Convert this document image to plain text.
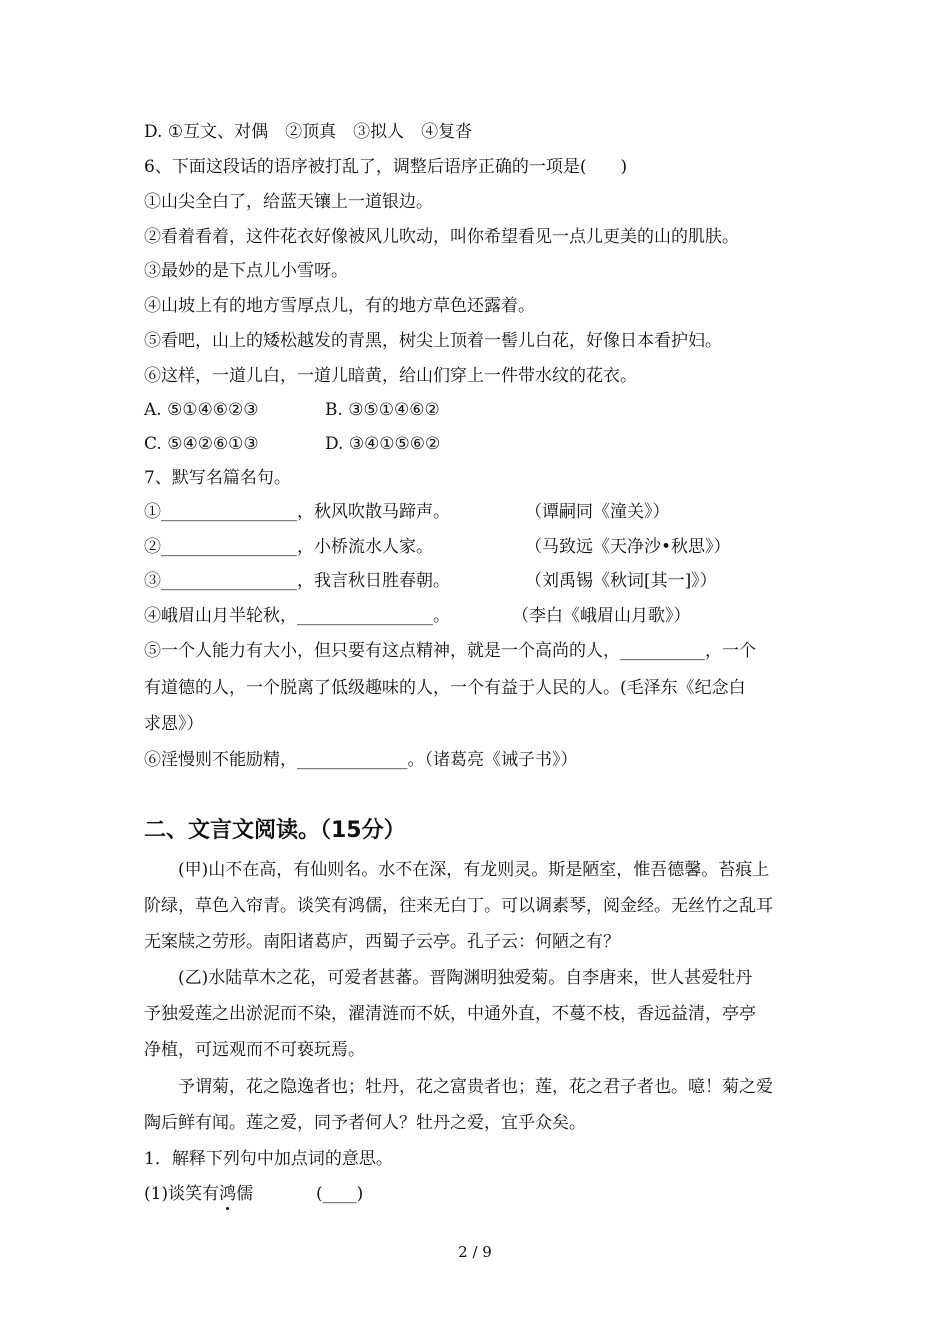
D. ①互文、对偶　②顶真　③拟人　④复沓
6、下面这段话的语序被打乱了，调整后语序正确的一项是(　　)
①山尖全白了，给蓝天镶上一道银边。
②看着看着，这件花衣好像被风儿吹动，叫你希望看见一点儿更美的山的肌肤。
③最妙的是下点儿小雪呀。
④山坡上有的地方雪厚点儿，有的地方草色还露着。
⑤看吧，山上的矮松越发的青黑，树尖上顶着一髻儿白花，好像日本看护妇。
⑥这样，一道儿白，一道儿暗黄，给山们穿上一件带水纹的花衣。
A. ⑤①④⑥②③	B. ③⑤①④⑥②
C. ⑤④②⑥①③	D. ③④①⑤⑥②
7、默写名篇名句。
①________________，秋风吹散马蹄声。	（谭嗣同《潼关》）
②________________，小桥流水人家。	（马致远《天净沙•秋思》）
③________________，我言秋日胜春朝。	（刘禹锡《秋词[其一]》）
④峨眉山月半轮秋，________________。	（李白《峨眉山月歌》）
⑤一个人能力有大小，但只要有这点精神，就是一个高尚的人，__________，一个
有道德的人，一个脱离了低级趣味的人，一个有益于人民的人。(毛泽东《纪念白
求恩》）
⑥淫慢则不能励精，_____________。（诸葛亮《诫子书》）
二、文言文阅读。（15分）
　　(甲)山不在高，有仙则名。水不在深，有龙则灵。斯是陋室，惟吾德馨。苔痕上
阶绿，草色入帘青。谈笑有鸿儒，往来无白丁。可以调素琴，阅金经。无丝竹之乱耳
无案牍之劳形。南阳诸葛庐，西蜀子云亭。孔子云：何陋之有？
　　(乙)水陆草木之花，可爱者甚蕃。晋陶渊明独爱菊。自李唐来，世人甚爱牡丹
予独爱莲之出淤泥而不染，濯清涟而不妖，中通外直，不蔓不枝，香远益清，亭亭
净植，可远观而不可亵玩焉。
　　予谓菊，花之隐逸者也；牡丹，花之富贵者也；莲，花之君子者也。噫！菊之爱
陶后鲜有闻。莲之爱，同予者何人？牡丹之爱，宜乎众矣。
1．解释下列句中加点词的意思。
(1)谈笑有鸿儒	(____)
2 / 9
